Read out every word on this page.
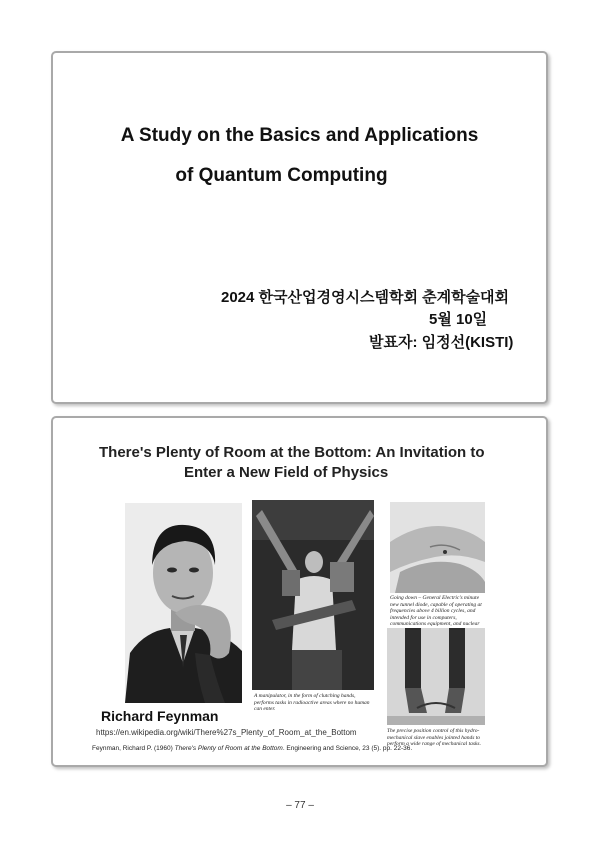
A Study on the Basics and Applications
of Quantum Computing
2024 한국산업경영시스템학회 춘계학술대회
5월 10일
발표자: 임정선(KISTI)
There's Plenty of Room at the Bottom: An Invitation to
Enter a New Field of Physics
A manipulator, in the form of clutching hands, performs tasks in radioactive areas where no human can enter.
Going down – General Electric's minute new tunnel diode, capable of operating at frequencies above 4 billion cycles, and intended for use in computers, communications equipment, and nuclear
The precise position control of this hydro-mechanical slave enables jointed hands to perform a wide range of mechanical tasks.
Richard Feynman
https://en.wikipedia.org/wiki/There%27s_Plenty_of_Room_at_the_Bottom
Feynman, Richard P. (1960) There's Plenty of Room at the Bottom. Engineering and Science, 23 (5). pp. 22-36.
– 77 –
